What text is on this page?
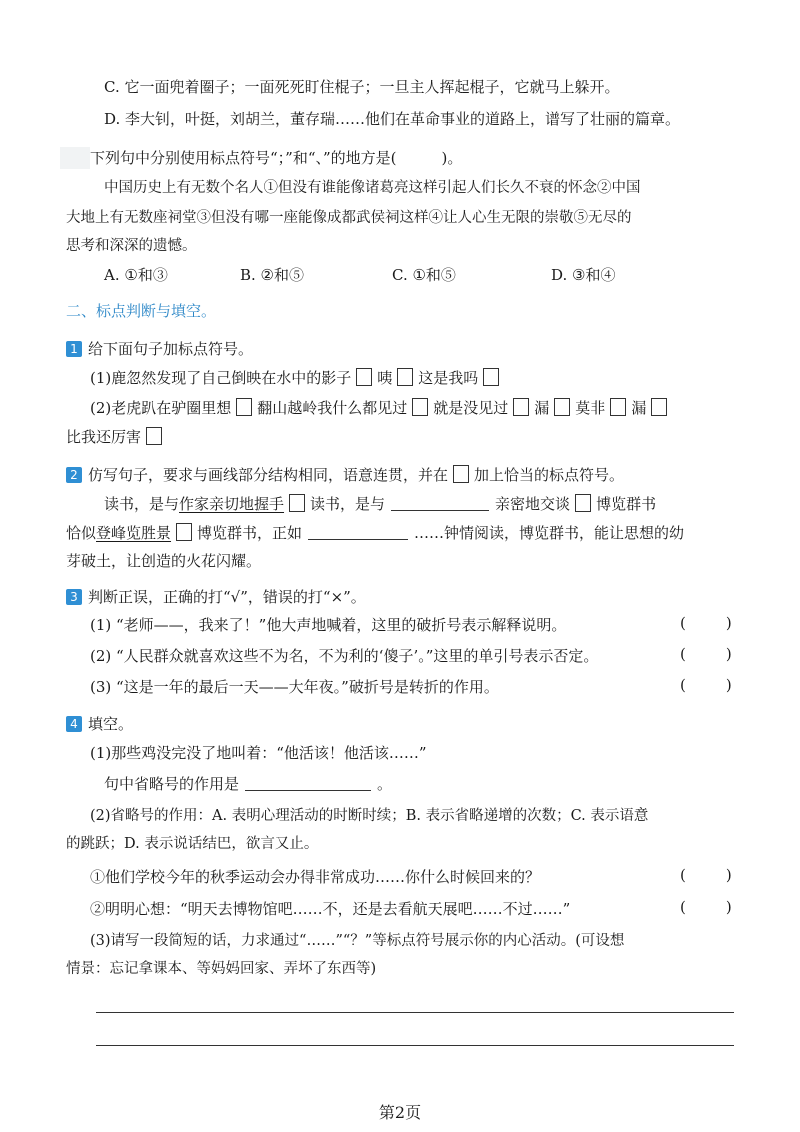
C. 它一面兜着圈子；一面死死盯住棍子；一旦主人挥起棍子，它就马上躲开。
D. 李大钊，叶挺，刘胡兰，董存瑞……他们在革命事业的道路上，谱写了壮丽的篇章。
下列句中分别使用标点符号“；”和“、”的地方是(　　　)。
中国历史上有无数个名人①但没有谁能像诸葛亮这样引起人们长久不衰的怀念②中国
大地上有无数座祠堂③但没有哪一座能像成都武侯祠这样④让人心生无限的崇敬⑤无尽的
思考和深深的遗憾。
A. ①和③	B. ②和⑤	C. ①和⑤	D. ③和④
二、标点判断与填空。
1 给下面句子加标点符号。
(1)鹿忽然发现了自己倒映在水中的影子 咦 这是我吗
(2)老虎趴在驴圈里想 翻山越岭我什么都见过 就是没见过 漏 莫非 漏
比我还厉害
2 仿写句子，要求与画线部分结构相同，语意连贯，并在 加上恰当的标点符号。
读书，是与作家亲切地握手 读书，是与	亲密地交谈 博览群书
恰似登峰览胜景 博览群书，正如	……钟情阅读，博览群书，能让思想的幼
芽破土，让创造的火花闪耀。
3 判断正误，正确的打“√”，错误的打“×”。
(1) “老师——，我来了！”他大声地喊着，这里的破折号表示解释说明。	(	)
(2) “人民群众就喜欢这些不为名，不为利的‘傻子’。”这里的单引号表示否定。	(	)
(3) “这是一年的最后一天——大年夜。”破折号是转折的作用。	(	)
4 填空。
(1)那些鸡没完没了地叫着：“他活该！他活该……”
句中省略号的作用是	。
(2)省略号的作用：A. 表明心理活动的时断时续；B. 表示省略递增的次数；C. 表示语意
的跳跃；D. 表示说话结巴，欲言又止。
①他们学校今年的秋季运动会办得非常成功……你什么时候回来的？	(	)
②明明心想：“明天去博物馆吧……不，还是去看航天展吧……不过……”	(	)
(3)请写一段简短的话，力求通过“……”“？”等标点符号展示你的内心活动。(可设想
情景：忘记拿课本、等妈妈回家、弄坏了东西等)
第2页
